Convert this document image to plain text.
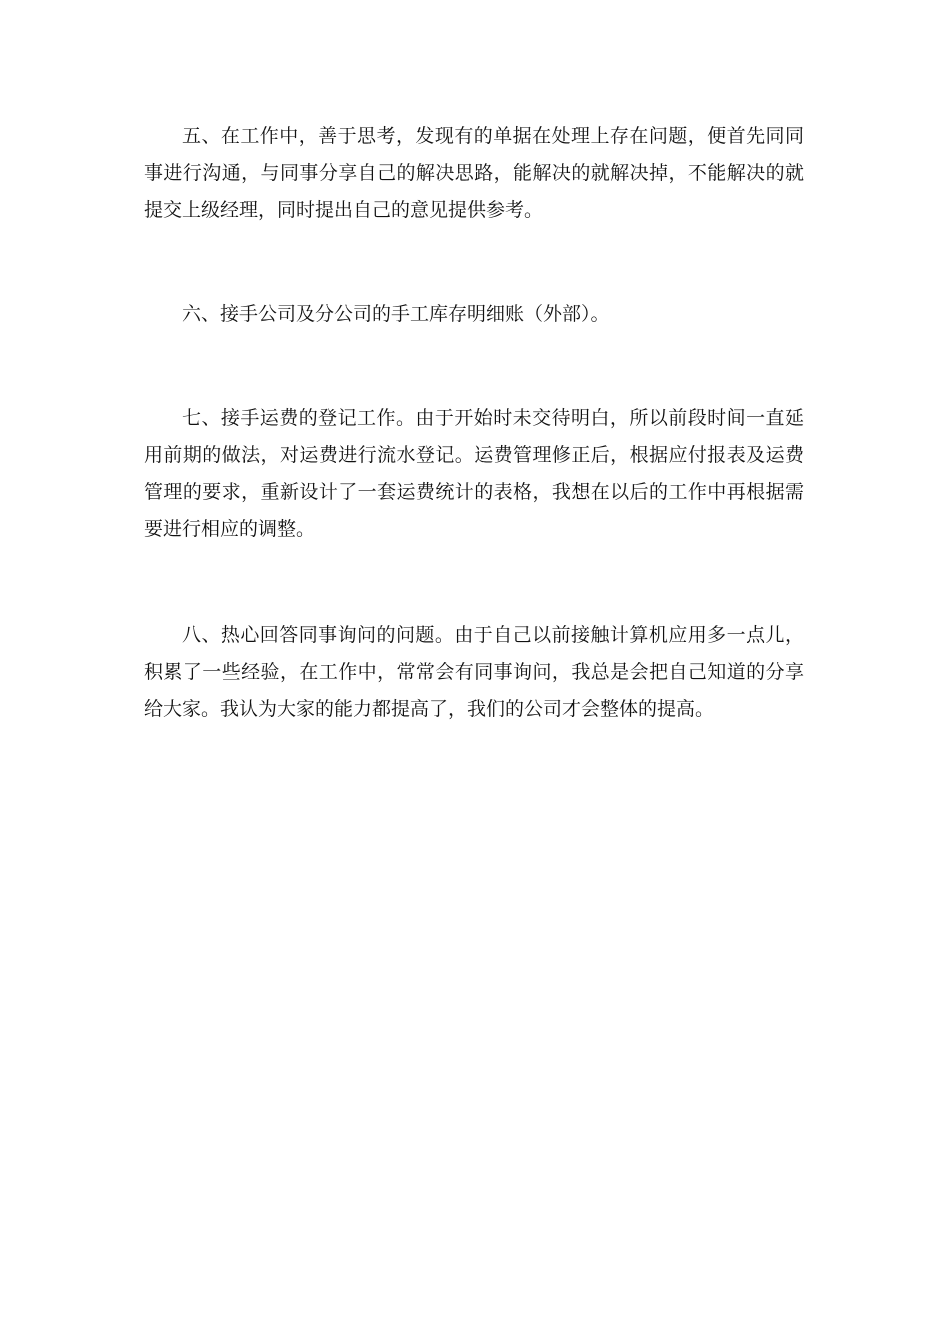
五、在工作中，善于思考，发现有的单据在处理上存在问题，便首先同同事进行沟通，与同事分享自己的解决思路，能解决的就解决掉，不能解决的就提交上级经理，同时提出自己的意见提供参考。

六、接手公司及分公司的手工库存明细账（外部）。

七、接手运费的登记工作。由于开始时未交待明白，所以前段时间一直延用前期的做法，对运费进行流水登记。运费管理修正后，根据应付报表及运费管理的要求，重新设计了一套运费统计的表格，我想在以后的工作中再根据需要进行相应的调整。

八、热心回答同事询问的问题。由于自己以前接触计算机应用多一点儿，积累了一些经验，在工作中，常常会有同事询问，我总是会把自己知道的分享给大家。我认为大家的能力都提高了，我们的公司才会整体的提高。
